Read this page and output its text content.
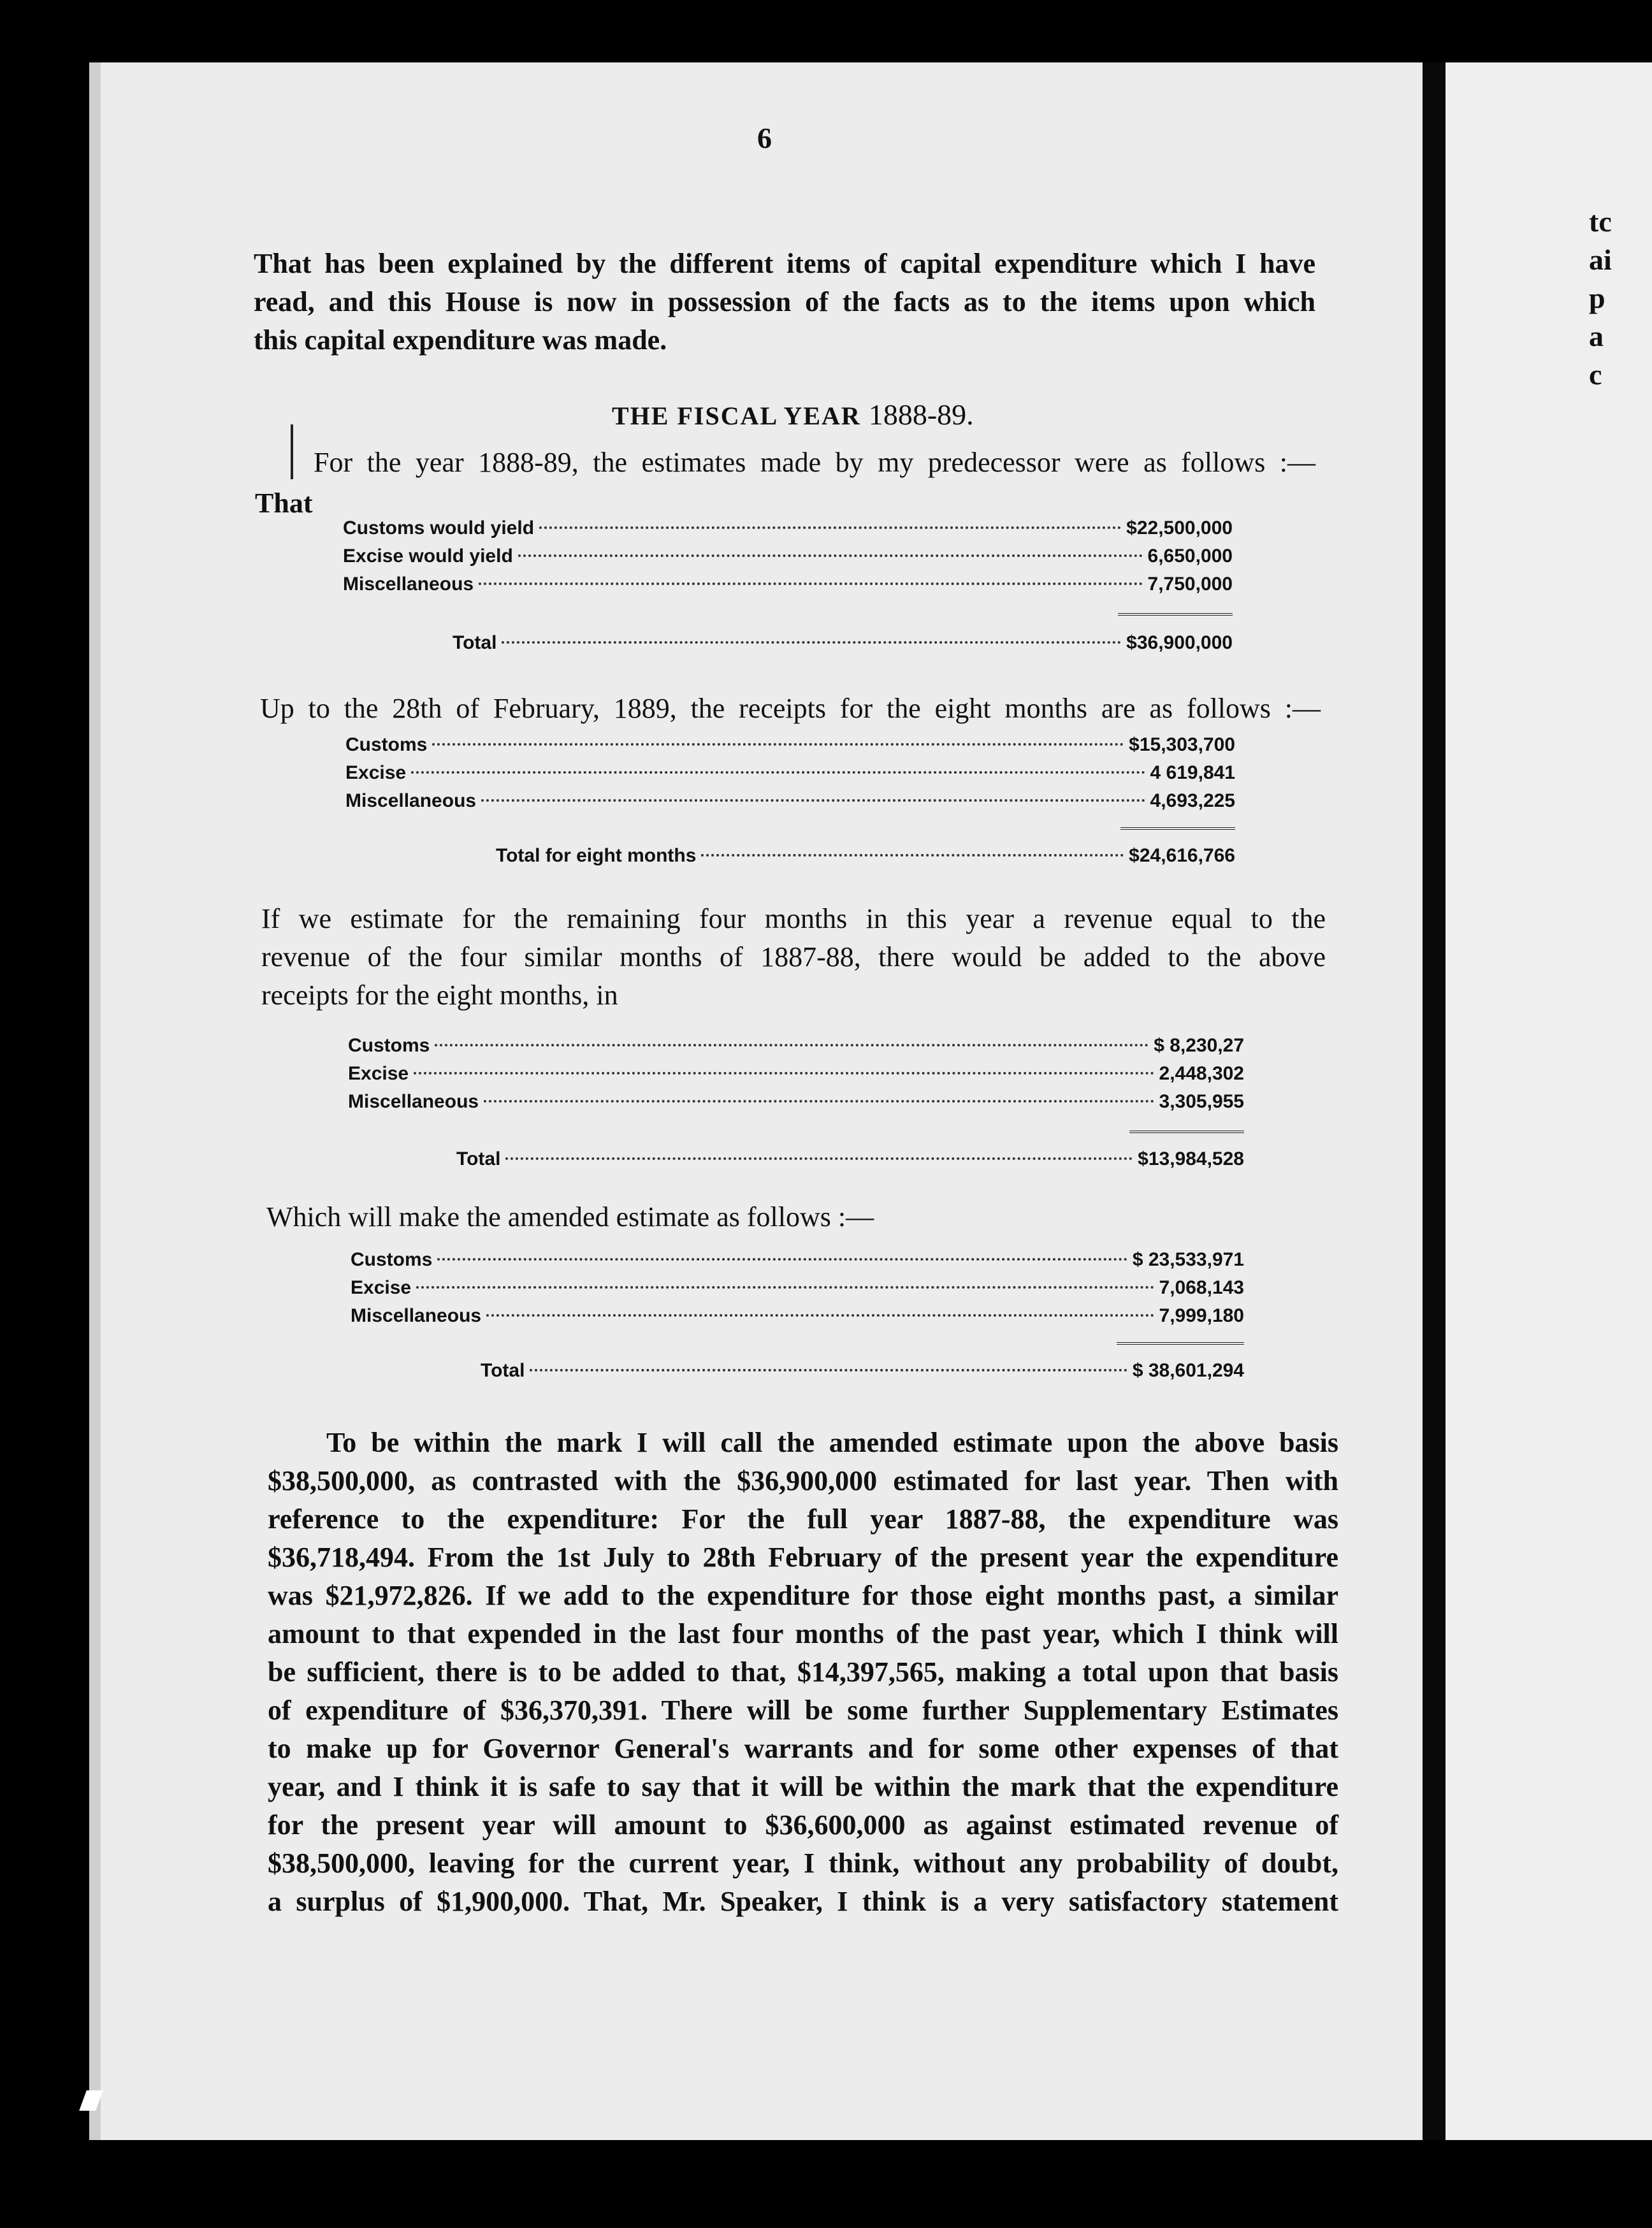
tc
ai
p
a
c
6
That has been explained by the different items of capital expenditure which I have
read, and this House is now in possession of the facts as to the items upon which
this capital expenditure was made.
THE FISCAL YEAR 1888-89.
For the year 1888-89, the estimates made by my predecessor were as follows :—
That
Customs would yield	$22,500,000
Excise would yield	6,650,000
Miscellaneous	7,750,000
Total	$36,900,000
Up to the 28th of February, 1889, the receipts for the eight months are as follows :—
Customs	$15,303,700
Excise	4 619,841
Miscellaneous	4,693,225
Total for eight months	$24,616,766
If we estimate for the remaining four months in this year a revenue equal to the
revenue of the four similar months of 1887-88, there would be added to the above
receipts for the eight months, in
Customs	$ 8,230,27
Excise	2,448,302
Miscellaneous	3,305,955
Total	$13,984,528
Which will make the amended estimate as follows :—
Customs	$ 23,533,971
Excise	7,068,143
Miscellaneous	7,999,180
Total	$ 38,601,294
To be within the mark I will call the amended estimate upon the above basis
$38,500,000, as contrasted with the $36,900,000 estimated for last year. Then with
reference to the expenditure: For the full year 1887-88, the expenditure was
$36,718,494. From the 1st July to 28th February of the present year the expenditure
was $21,972,826. If we add to the expenditure for those eight months past, a similar
amount to that expended in the last four months of the past year, which I think will
be sufficient, there is to be added to that, $14,397,565, making a total upon that basis
of expenditure of $36,370,391. There will be some further Supplementary Estimates
to make up for Governor General's warrants and for some other expenses of that
year, and I think it is safe to say that it will be within the mark that the expenditure
for the present year will amount to $36,600,000 as against estimated revenue of
$38,500,000, leaving for the current year, I think, without any probability of doubt,
a surplus of $1,900,000. That, Mr. Speaker, I think is a very satisfactory statement
